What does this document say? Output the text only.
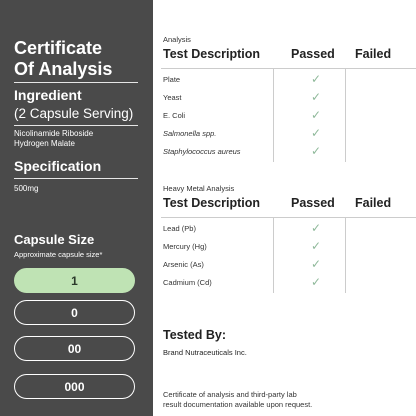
Certificate
Of Analysis
Ingredient
(2 Capsule Serving)
Nicolinamide Riboside
Hydrogen Malate
Specification
500mg
Capsule Size
Approximate capsule size*
1
0
00
000
Analysis
Test Description Passed Failed
Plate	✓
Yeast	✓
E. Coli	✓
Salmonella spp.	✓
Staphylococcus aureus	✓
Heavy Metal Analysis
Test Description Passed Failed
Lead (Pb)	✓
Mercury (Hg)	✓
Arsenic (As)	✓
Cadmium (Cd)	✓
Tested By:
Brand Nutraceuticals Inc.
Certificate of analysis and third-party lab
result documentation available upon request.
